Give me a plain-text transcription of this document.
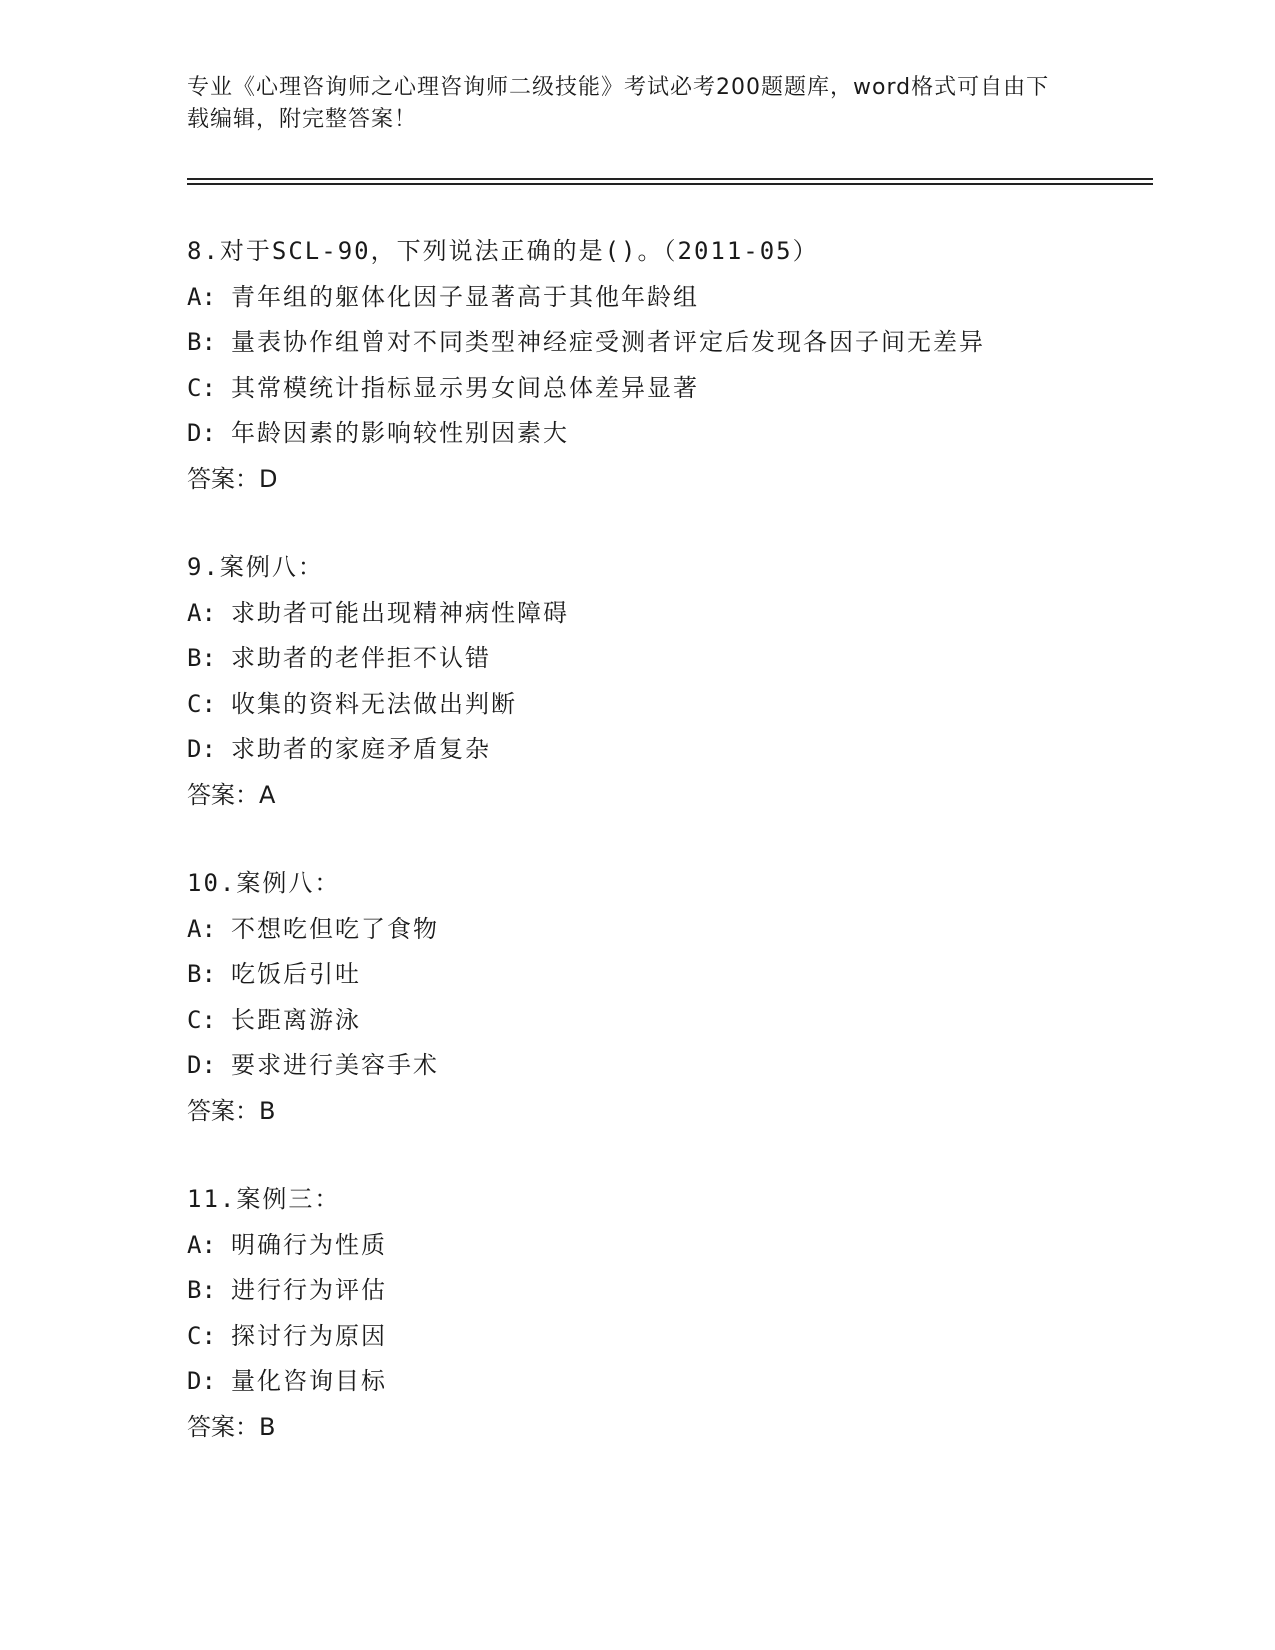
专业《心理咨询师之心理咨询师二级技能》考试必考200题题库，word格式可自由下载编辑，附完整答案！
8.对于SCL-90，下列说法正确的是()。（2011-05）
A: 青年组的躯体化因子显著高于其他年龄组
B: 量表协作组曾对不同类型神经症受测者评定后发现各因子间无差异
C: 其常模统计指标显示男女间总体差异显著
D: 年龄因素的影响较性别因素大
答案：D
9.案例八：
A: 求助者可能出现精神病性障碍
B: 求助者的老伴拒不认错
C: 收集的资料无法做出判断
D: 求助者的家庭矛盾复杂
答案：A
10.案例八：
A: 不想吃但吃了食物
B: 吃饭后引吐
C: 长距离游泳
D: 要求进行美容手术
答案：B
11.案例三：
A: 明确行为性质
B: 进行行为评估
C: 探讨行为原因
D: 量化咨询目标
答案：B
